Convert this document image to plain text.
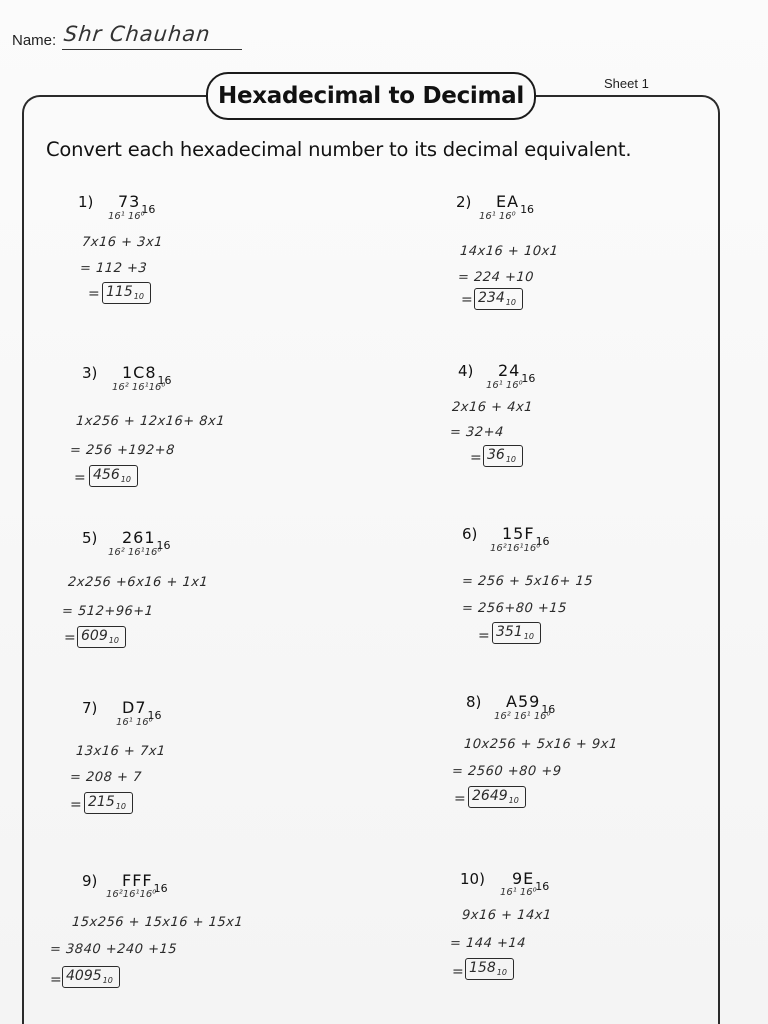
Name: Shr Chauhan
Hexadecimal to Decimal	Sheet 1
Convert each hexadecimal number to its decimal equivalent.
1) $73_{16}$
16¹ 16⁰
7x16 + 3x1
= 112 +3
= $115_{10}$
2) $EA_{16}$
16¹ 16⁰
14x16 + 10x1
= 224 +10
= $234_{10}$
3) $1C8_{16}$
16² 16¹16⁰
1x256 + 12x16+ 8x1
= 256 +192+8
= $456_{10}$
4) $24_{16}$
16¹ 16⁰
2x16 + 4x1
= 32+4
= $36_{10}$
5) $261_{16}$
16² 16¹16⁰
2x256 +6x16 + 1x1
= 512+96+1
= $609_{10}$
6) $15F_{16}$
16²16¹16⁰
= 256 + 5x16+ 15
= 256+80 +15
= $351_{10}$
7) $D7_{16}$
16¹ 16⁰
13x16 + 7x1
= 208 + 7
= $215_{10}$
8) $A59_{16}$
16² 16¹ 16⁰
10x256 + 5x16 + 9x1
= 2560 +80 +9
= $2649_{10}$
9) $FFF_{16}$
16²16¹16⁰
15x256 + 15x16 + 15x1
= 3840 +240 +15
= $4095_{10}$
10) $9E_{16}$
16¹ 16⁰
9x16 + 14x1
= 144 +14
= $158_{10}$
